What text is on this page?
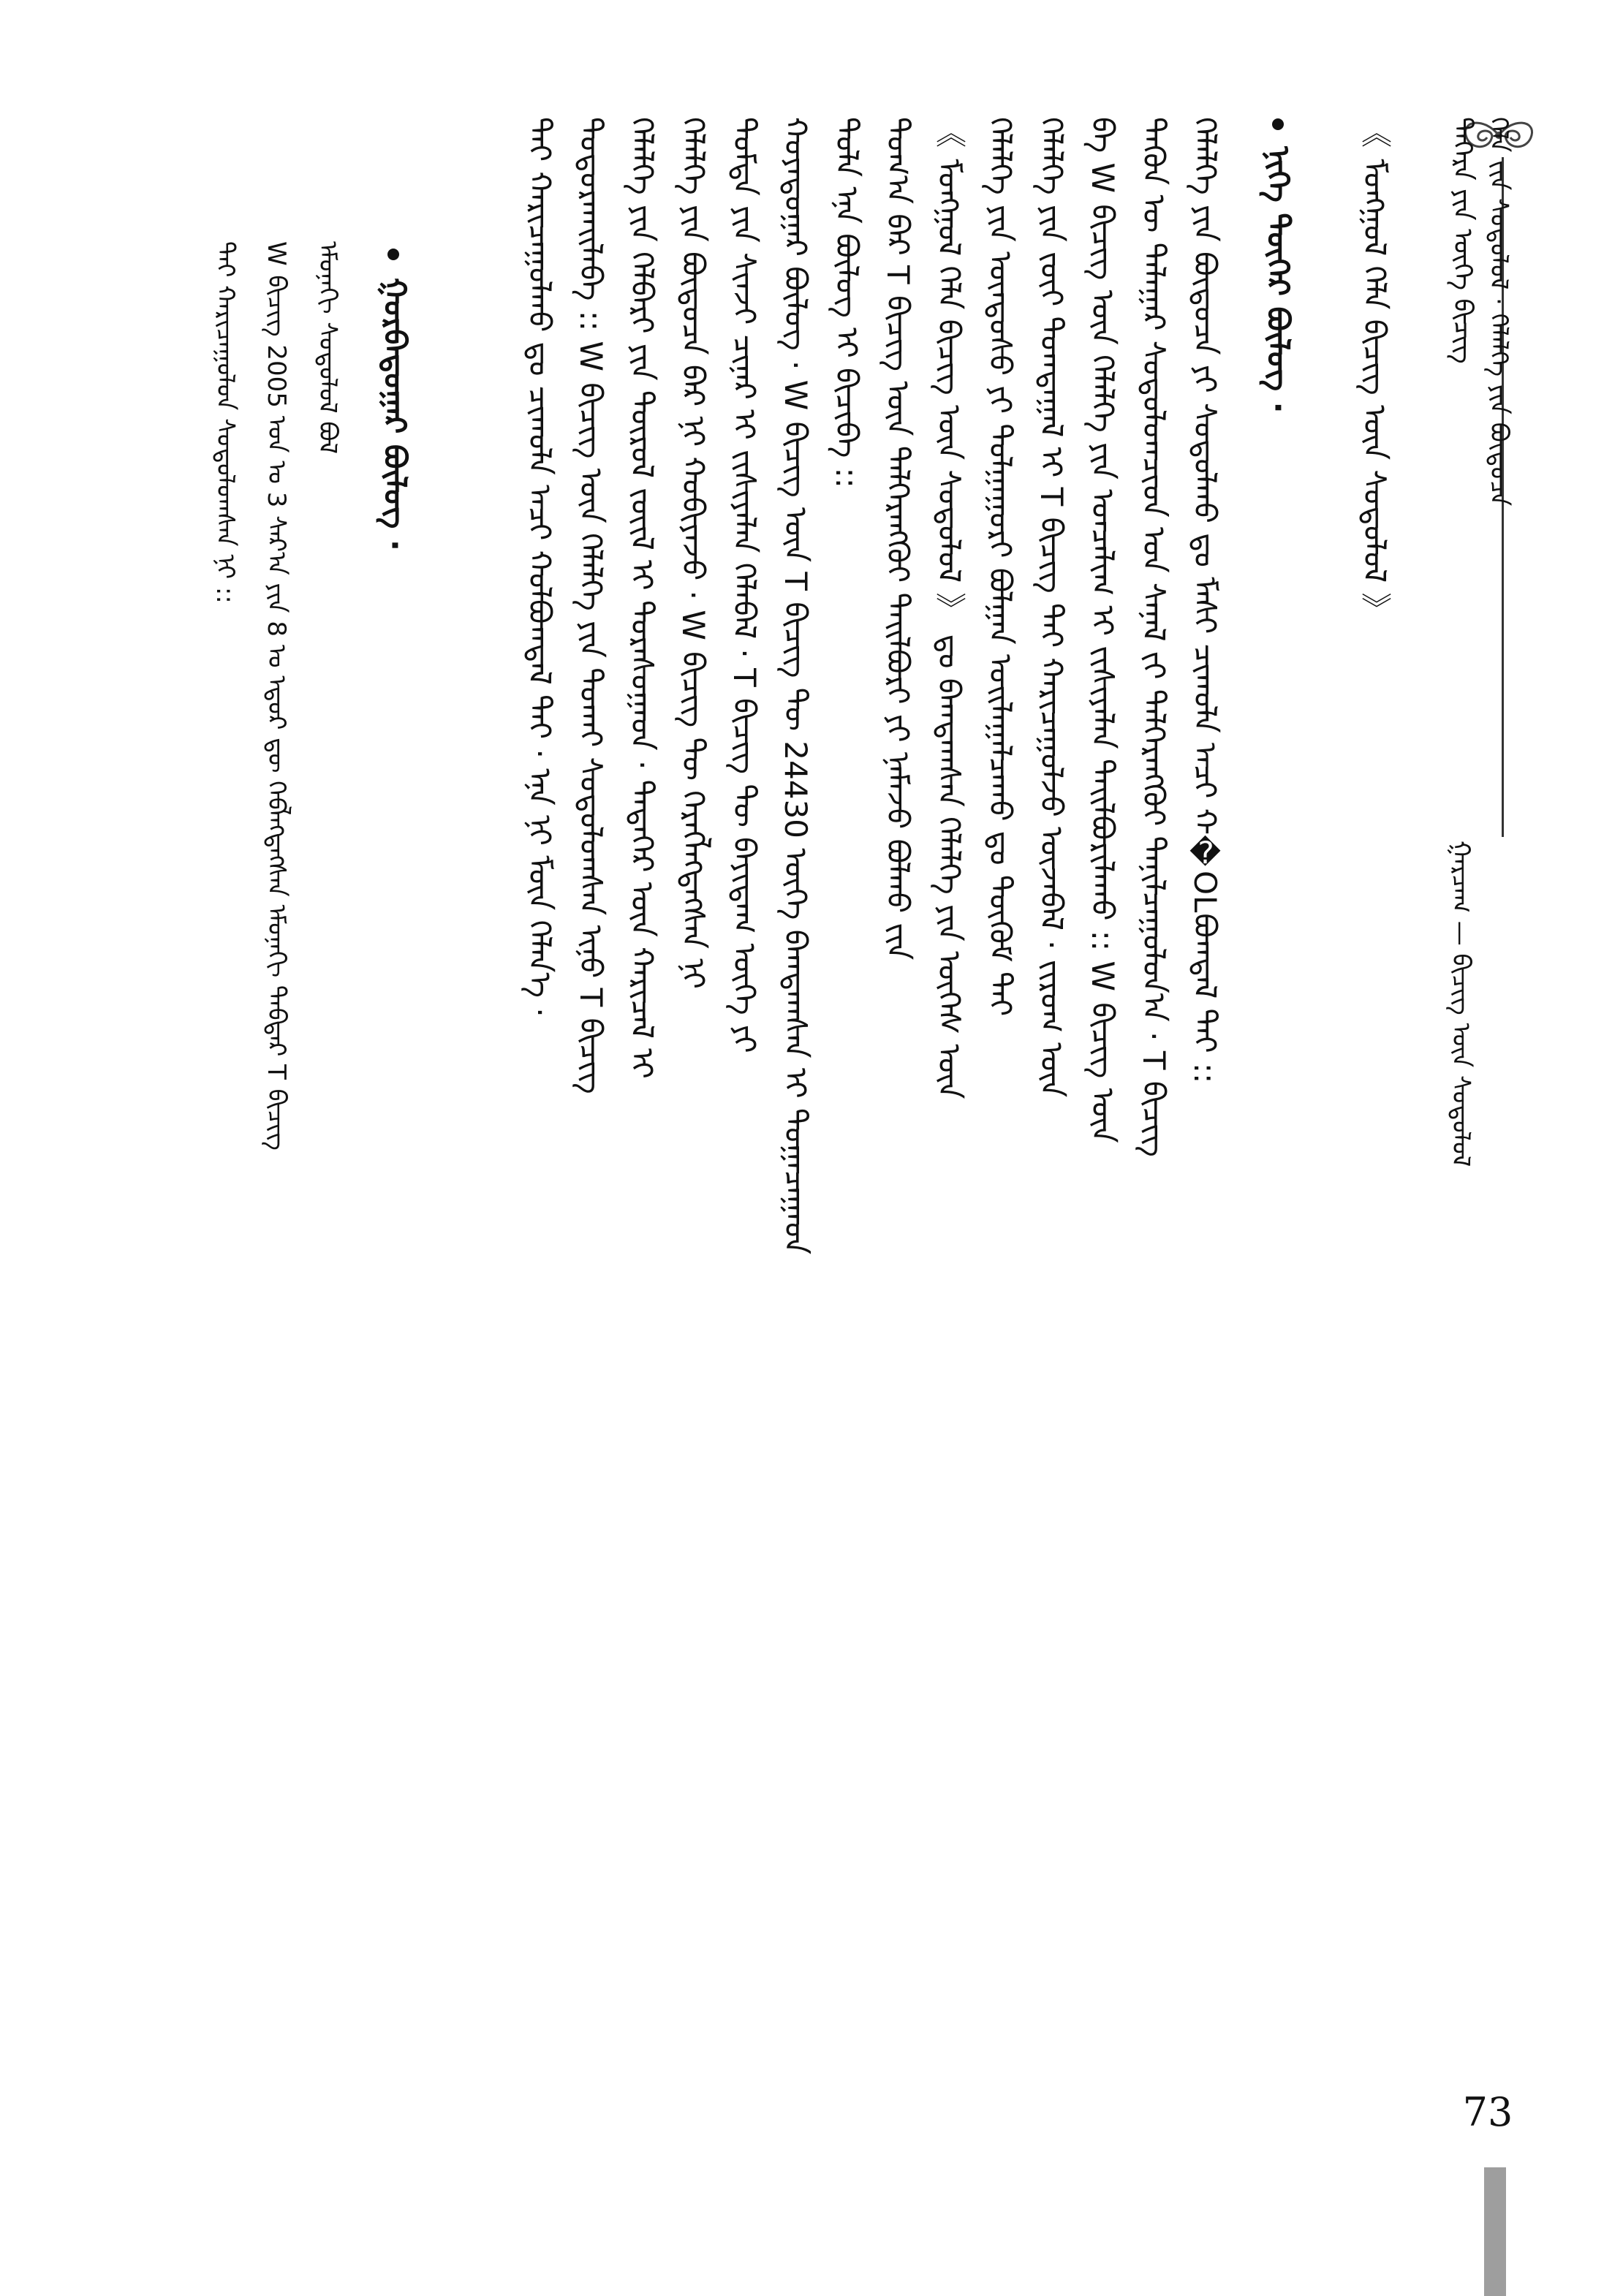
ᠭᠠᠷᠴᠠᠭ — ᠪᠢᠴᠢᠭ ᠦᠨ ᠰᠤᠳᠤᠯᠤᠯ
ᠬᠡᠯᠡ ᠵᠢᠨ ᠰᠤᠳᠤᠯᠤᠯ · ᠬᠡᠯᠡᠯᠭᠡ ᠶᠢᠨ ᠪᠦᠲᠦᠴᠡ
ᠳᠡᠭᠡᠷᠡ ᠶᠢᠨ ᠦᠭᠡ ᠪᠢᠴᠢᠭ
《 ᠮᠣᠩᠭᠣᠯ ᠬᠡᠯᠡ ᠪᠢᠴᠢᠭ ᠦᠨ ᠰᠤᠳᠤᠯᠤᠯ 》
ᠨᠢᠭᠡ ᠳᠦᠭᠡᠷ ᠪᠦᠯᠦᠭ ·
ᠬᠡᠯᠡᠯᠭᠡ ᠶᠢᠨ ᠪᠦᠲᠦᠴᠡ ᠶᠢ ᠰᠤᠳᠤᠯᠬᠤ ᠳᠤ ᠮᠠᠰᠢ ᠴᠢᠬᠤᠯᠠ ᠠᠴᠢ ᠬ�OLᠪᠣᠭᠳᠠᠯ ᠲᠠᠢ ::
ᠲᠡᠭᠦᠨ ᠦ ᠲᠠᠯᠠᠭᠠᠷ ᠰᠤᠳᠤᠯᠤᠭᠴᠢᠳ ᠤᠨ ᠰᠠᠨᠠᠯ ᠵᠢ ᠳᠡᠯᠭᠡᠷᠡᠩᠭᠦᠢ ᠲᠠᠨᠢᠯᠴᠠᠭᠤᠯᠤᠨ᠎ᠠ · T ᠪᠢᠴᠢᠭ
ᠪᠠ W ᠪᠢᠴᠢᠭ ᠦᠨ ᠬᠡᠯᠡᠯᠭᠡ ᠶᠢᠨ ᠣᠨᠴᠠᠯᠢᠭ ᠢ ᠵᠢᠱᠢᠶᠡᠯᠡᠨ ᠲᠠᠢᠯᠪᠤᠷᠢᠯᠠᠬᠤ :: W ᠪᠢᠴᠢᠭ ᠦᠨ
ᠬᠡᠯᠡᠯᠭᠡ ᠶᠢᠨ ᠵᠦᠢ ᠲᠣᠭᠲᠠᠭᠠᠯ ᠢ T ᠪᠢᠴᠢᠭ ᠲᠡᠢ ᠬᠠᠷᠢᠴᠠᠭᠤᠯᠵᠤ ᠦᠵᠡᠪᠡᠯ · ᠵᠢᠷᠤᠭ ᠦᠨ
ᠬᠡᠯᠡᠯᠭᠡ ᠶᠢᠨ ᠦᠨᠳᠦᠰᠦ ᠶᠢ ᠲᠤᠯᠭᠠᠭᠤᠷᠢ ᠪᠣᠯᠭᠠᠨ ᠣᠢᠯᠠᠭᠠᠯᠴᠠᠬᠤ ᠳᠤ ᠳᠥᠭᠥᠮ ᠲᠠᠢ
《 ᠮᠣᠩᠭᠣᠯ ᠬᠡᠯᠡ ᠪᠢᠴᠢᠭ ᠦᠨ ᠰᠤᠳᠤᠯᠤᠯ 》 ᠳᠤ ᠪᠠᠭᠲᠠᠭᠰᠠᠨ ᠬᠡᠯᠡᠯᠭᠡ ᠶᠢᠨ ᠦᠭᠡᠰ ᠦᠨ
ᠲᠣᠭ᠎ᠠ ᠪᠡᠷ T ᠪᠢᠴᠢᠭ ᠦᠨ ᠳᠡᠯᠭᠡᠷᠡᠩᠭᠦᠢ ᠲᠠᠢᠯᠪᠤᠷᠢ ᠶᠢ ᠨᠡᠮᠡᠵᠦ ᠪᠣᠯᠬᠤ ᠵᠢᠨ
ᠲᠤᠯᠠ ᠡᠨᠡ ᠪᠦᠯᠦᠭ ᠢ ᠪᠢᠴᠢᠪᠡ ::
ᠬᠣᠶᠠᠳᠤᠭᠠᠷ ᠪᠦᠯᠦᠭ · W ᠪᠢᠴᠢᠭ ᠦᠨ T ᠪᠢᠴᠢᠭ ᠲᠦ 24430 ᠦᠭᠡ ᠪᠠᠭᠲᠠᠭᠰᠠᠨ ᠢ ᠲᠣᠭᠠᠴᠠᠭᠠᠳ
ᠳᠤᠮᠳᠠ ᠶᠢᠨ ᠰᠢᠨᠵᠢ ᠴᠢᠨᠠᠷ ᠢ ᠵᠢᠱᠢᠶᠡᠯᠡᠨ ᠬᠡᠯᠡᠪᠡᠯ · T ᠪᠢᠴᠢᠭ ᠲᠦ ᠪᠠᠶᠢᠳᠠᠭ ᠦᠭᠡ ᠶᠢ
ᠬᠡᠯᠡᠯᠭᠡ ᠶᠢᠨ ᠪᠦᠲᠦᠴᠡ ᠪᠡᠷ ᠨᠢ ᠬᠤᠪᠢᠶᠠᠵᠤ · W ᠪᠢᠴᠢᠭ ᠲᠦ ᠬᠡᠷᠡᠭᠯᠡᠭᠳᠡᠭᠰᠡᠨ ᠨᠢ
ᠬᠡᠯᠡᠯᠭᠡ ᠶᠢᠨ ᠬᠡᠯᠪᠡᠷᠢ ᠶᠢᠨ ᠲᠥᠷᠥᠯ ᠵᠦᠢᠯ ᠢ ᠳᠤᠷᠠᠰᠤᠭᠠᠳ · ᠲᠡᠳᠡᠭᠡᠷ ᠦᠨ ᠬᠠᠷᠢᠴᠠᠯ ᠢ
ᠲᠣᠳᠣᠷᠬᠠᠢᠯᠠᠪᠠ :: W ᠪᠢᠴᠢᠭ ᠦᠨ ᠬᠡᠯᠡᠯᠭᠡ ᠶᠢᠨ ᠲᠤᠬᠠᠢ ᠰᠤᠳᠤᠯᠤᠭᠰᠠᠨ ᠢᠨᠦ T ᠪᠢᠴᠢᠭ
ᠲᠡᠢ ᠬᠠᠷᠢᠴᠠᠭᠤᠯᠬᠤ ᠳᠤ ᠴᠢᠬᠤᠯᠠ ᠠᠴᠢ ᠬᠣᠯᠪᠣᠭᠳᠠᠯ ᠲᠠᠢ · ᠡᠨᠡ ᠨᠢ ᠮᠥᠨ ᠬᠡᠯᠡᠨ᠎ᠡ ·
ᠭᠤᠷᠪᠠᠳᠤᠭᠠᠷ ᠪᠦᠯᠦᠭ ·
ᠡᠮᠦᠨᠡᠬᠢ ᠰᠤᠳᠤᠯᠤᠯ ᠪᠣᠯ
W ᠪᠢᠴᠢᠭ 2005 ᠣᠨ ᠤ 3 ᠰᠠᠷ᠎ᠠ ᠶᠢᠨ 8 ᠤ ᠡᠳᠦᠷ ᠳᠦ ᠬᠡᠪᠯᠡᠭᠳᠡᠭᠰᠡᠨ ᠡᠮᠦᠨᠡᠬᠢ ᠳᠡᠪᠲᠡᠷ T ᠪᠢᠴᠢᠭ
ᠲᠡᠢ ᠬᠠᠷᠢᠴᠠᠭᠤᠯᠤᠨ ᠰᠤᠳᠤᠯᠤᠭᠰᠠᠨ ᠨᠢ ::
73
